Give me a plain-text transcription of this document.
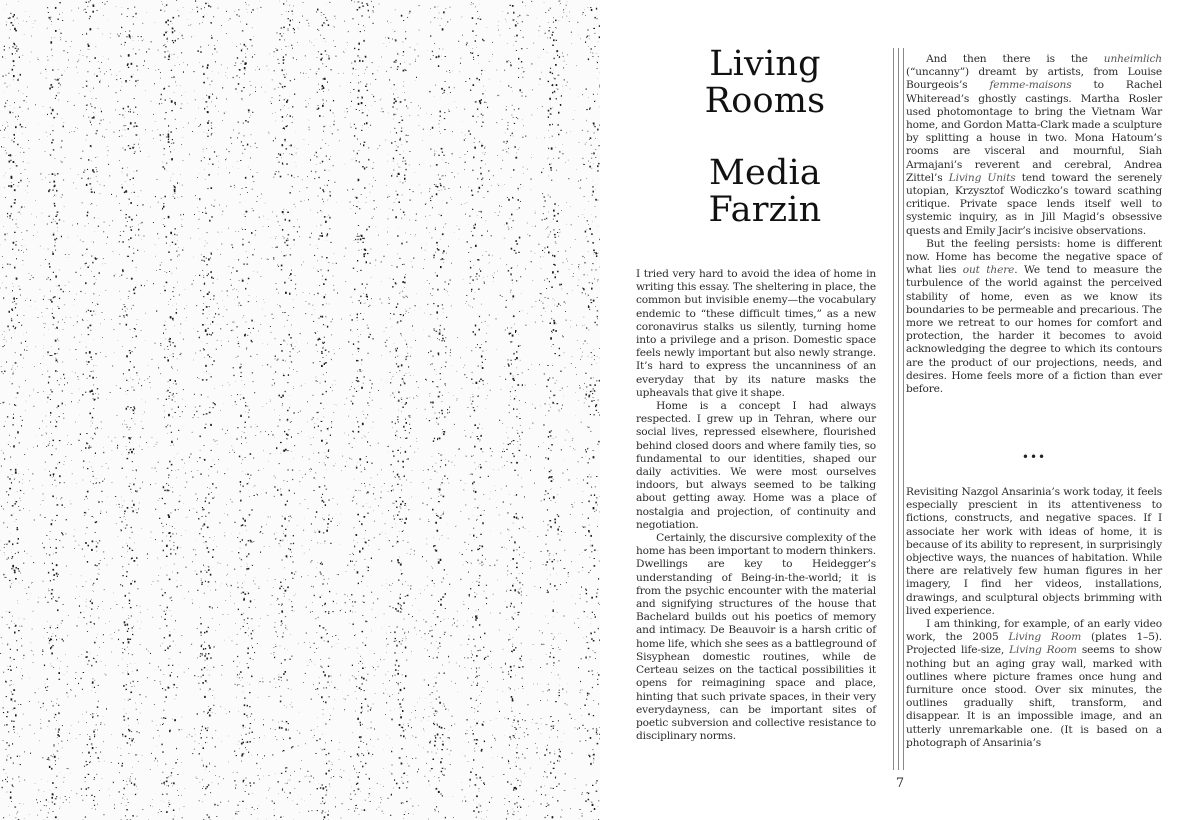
Living
Rooms
Media
Farzin

I tried very hard to avoid the idea of home in writing this essay. The sheltering in place, the common but invisible enemy—the vocabulary endemic to “these difficult times,” as a new coronavirus stalks us silently, turning home into a privilege and a prison. Domestic space feels newly important but also newly strange. It’s hard to express the uncanniness of an everyday that by its nature masks the upheavals that give it shape.

Home is a concept I had always respected. I grew up in Tehran, where our social lives, repressed elsewhere, flourished behind closed doors and where family ties, so fundamental to our identities, shaped our daily activities. We were most ourselves indoors, but always seemed to be talking about getting away. Home was a place of nostalgia and projection, of continuity and negotiation.

Certainly, the discursive complexity of the home has been important to modern thinkers. Dwellings are key to Heidegger’s understanding of Being-in-the-world; it is from the psychic encounter with the material and signifying structures of the house that Bachelard builds out his poetics of memory and intimacy. De Beauvoir is a harsh critic of home life, which she sees as a battleground of Sisyphean domestic routines, while de Certeau seizes on the tactical possibilities it opens for reimagining space and place, hinting that such private spaces, in their very everydayness, can be important sites of poetic subversion and collective resistance to disciplinary norms.

And then there is the unheimlich (“uncanny”) dreamt by artists, from Louise Bourgeois’s femme-maisons to Rachel Whiteread’s ghostly castings. Martha Rosler used photomontage to bring the Vietnam War home, and Gordon Matta-Clark made a sculpture by splitting a house in two. Mona Hatoum’s rooms are visceral and mournful, Siah Armajani’s reverent and cerebral, Andrea Zittel’s Living Units tend toward the serenely utopian, Krzysztof Wodiczko’s toward scathing critique. Private space lends itself well to systemic inquiry, as in Jill Magid’s obsessive quests and Emily Jacir’s incisive observations.

But the feeling persists: home is different now. Home has become the negative space of what lies out there. We tend to measure the turbulence of the world against the perceived stability of home, even as we know its boundaries to be permeable and precarious. The more we retreat to our homes for comfort and protection, the harder it becomes to avoid acknowledging the degree to which its contours are the product of our projections, needs, and desires. Home feels more of a fiction than ever before.

•••

Revisiting Nazgol Ansarinia’s work today, it feels especially prescient in its attentiveness to fictions, constructs, and negative spaces. If I associate her work with ideas of home, it is because of its ability to represent, in surprisingly objective ways, the nuances of habitation. While there are relatively few human figures in her imagery, I find her videos, installations, drawings, and sculptural objects brimming with lived experience.

I am thinking, for example, of an early video work, the 2005 Living Room (plates 1–5). Projected life-size, Living Room seems to show nothing but an aging gray wall, marked with outlines where picture frames once hung and furniture once stood. Over six minutes, the outlines gradually shift, transform, and disappear. It is an impossible image, and an utterly unremarkable one. (It is based on a photograph of Ansarinia’s

7
